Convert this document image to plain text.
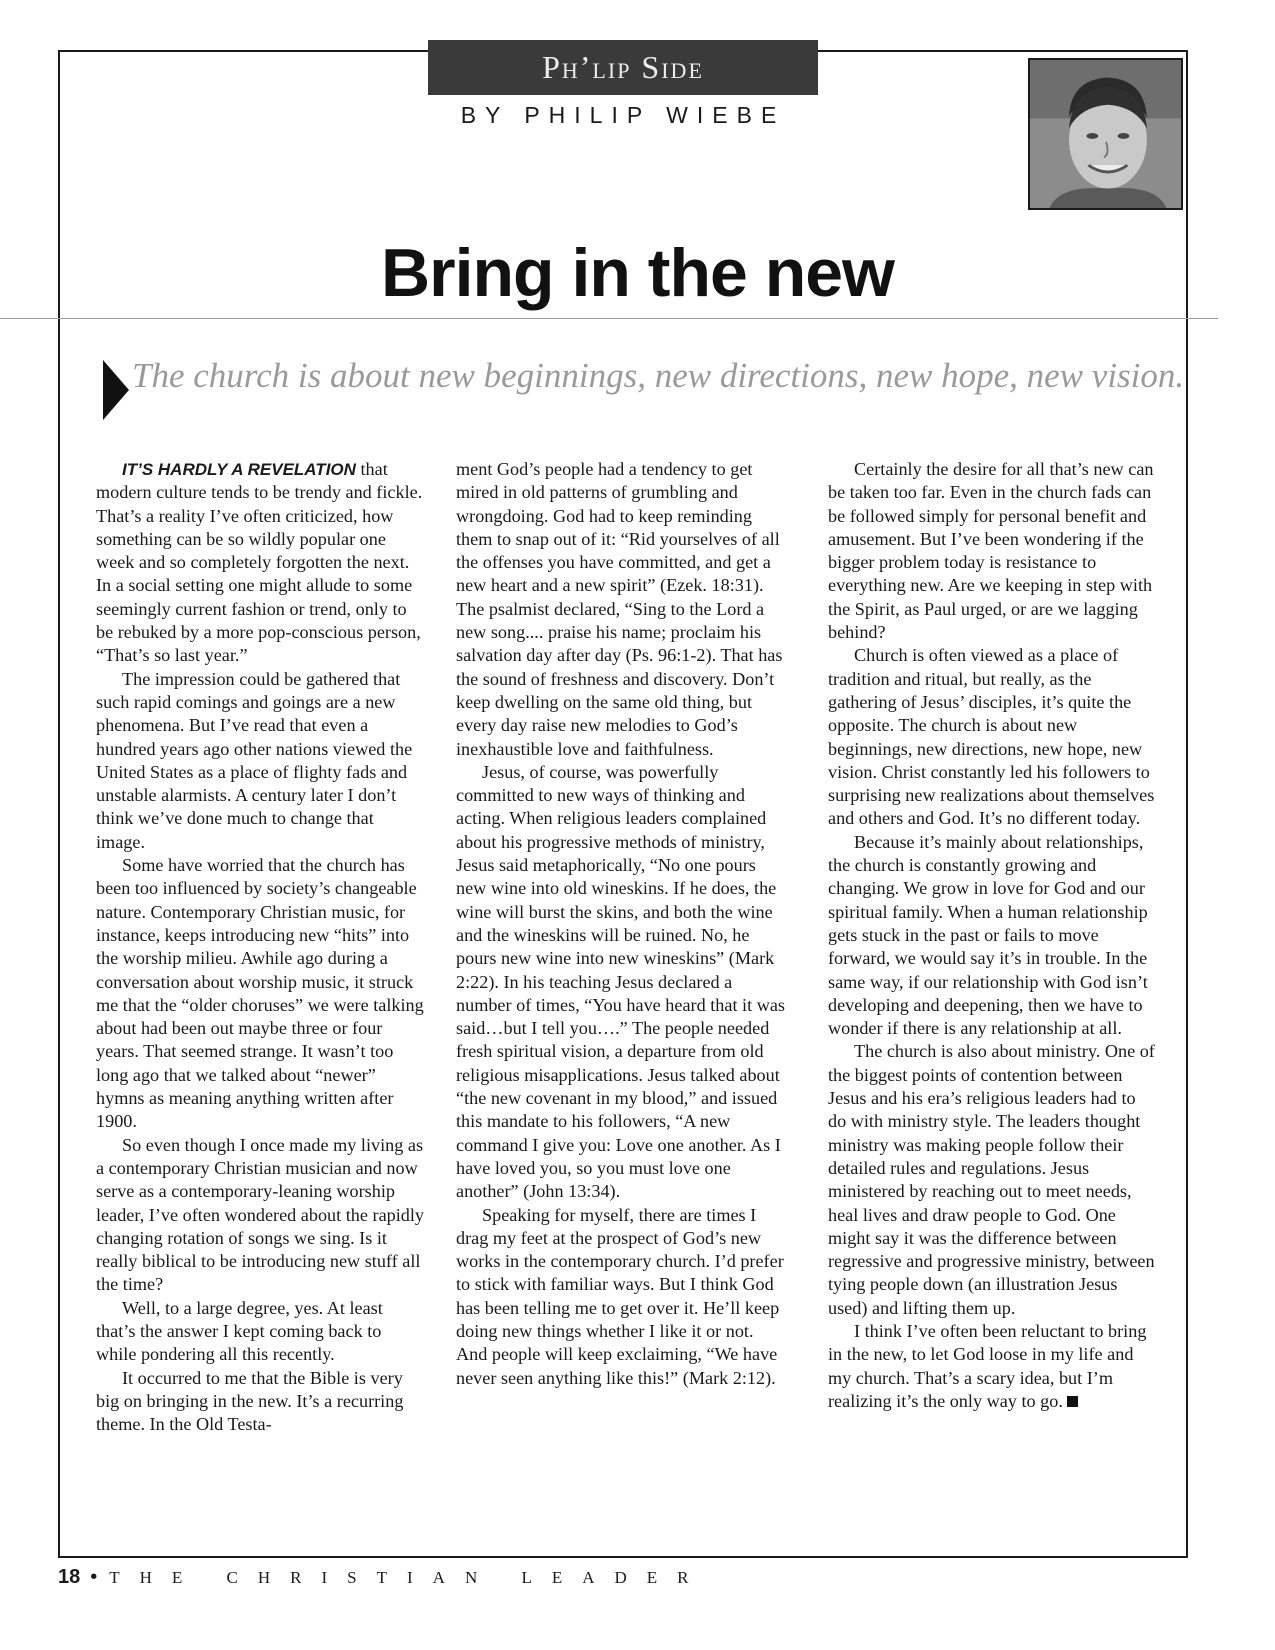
Ph’lip Side
BY PHILIP WIEBE
Bring in the new
The church is about new beginnings, new directions, new hope, new vision.

IT’S HARDLY A REVELATION that modern culture tends to be trendy and fickle. That’s a reality I’ve often criticized, how something can be so wildly popular one week and so completely forgotten the next. In a social setting one might allude to some seemingly current fashion or trend, only to be rebuked by a more pop-conscious person, “That’s so last year.”

The impression could be gathered that such rapid comings and goings are a new phenomena. But I’ve read that even a hundred years ago other nations viewed the United States as a place of flighty fads and unstable alarmists. A century later I don’t think we’ve done much to change that image.

Some have worried that the church has been too influenced by society’s changeable nature. Contemporary Christian music, for instance, keeps introducing new “hits” into the worship milieu. Awhile ago during a conversation about worship music, it struck me that the “older choruses” we were talking about had been out maybe three or four years. That seemed strange. It wasn’t too long ago that we talked about “newer” hymns as meaning anything written after 1900.

So even though I once made my living as a contemporary Christian musician and now serve as a contemporary-leaning worship leader, I’ve often wondered about the rapidly changing rotation of songs we sing. Is it really biblical to be introducing new stuff all the time?

Well, to a large degree, yes. At least that’s the answer I kept coming back to while pondering all this recently.

It occurred to me that the Bible is very big on bringing in the new. It’s a recurring theme. In the Old Testa-

ment God’s people had a tendency to get mired in old patterns of grumbling and wrongdoing. God had to keep reminding them to snap out of it: “Rid yourselves of all the offenses you have committed, and get a new heart and a new spirit” (Ezek. 18:31). The psalmist declared, “Sing to the Lord a new song.... praise his name; proclaim his salvation day after day (Ps. 96:1-2). That has the sound of freshness and discovery. Don’t keep dwelling on the same old thing, but every day raise new melodies to God’s inexhaustible love and faithfulness.

Jesus, of course, was powerfully committed to new ways of thinking and acting. When religious leaders complained about his progressive methods of ministry, Jesus said metaphorically, “No one pours new wine into old wineskins. If he does, the wine will burst the skins, and both the wine and the wineskins will be ruined. No, he pours new wine into new wineskins” (Mark 2:22). In his teaching Jesus declared a number of times, “You have heard that it was said…but I tell you….” The people needed fresh spiritual vision, a departure from old religious misapplications. Jesus talked about “the new covenant in my blood,” and issued this mandate to his followers, “A new command I give you: Love one another. As I have loved you, so you must love one another” (John 13:34).

Speaking for myself, there are times I drag my feet at the prospect of God’s new works in the contemporary church. I’d prefer to stick with familiar ways. But I think God has been telling me to get over it. He’ll keep doing new things whether I like it or not. And people will keep exclaiming, “We have never seen anything like this!” (Mark 2:12).

Certainly the desire for all that’s new can be taken too far. Even in the church fads can be followed simply for personal benefit and amusement. But I’ve been wondering if the bigger problem today is resistance to everything new. Are we keeping in step with the Spirit, as Paul urged, or are we lagging behind?

Church is often viewed as a place of tradition and ritual, but really, as the gathering of Jesus’ disciples, it’s quite the opposite. The church is about new beginnings, new directions, new hope, new vision. Christ constantly led his followers to surprising new realizations about themselves and others and God. It’s no different today.

Because it’s mainly about relationships, the church is constantly growing and changing. We grow in love for God and our spiritual family. When a human relationship gets stuck in the past or fails to move forward, we would say it’s in trouble. In the same way, if our relationship with God isn’t developing and deepening, then we have to wonder if there is any relationship at all.

The church is also about ministry. One of the biggest points of contention between Jesus and his era’s religious leaders had to do with ministry style. The leaders thought ministry was making people follow their detailed rules and regulations. Jesus ministered by reaching out to meet needs, heal lives and draw people to God. One might say it was the difference between regressive and progressive ministry, between tying people down (an illustration Jesus used) and lifting them up.

I think I’ve often been reluctant to bring in the new, to let God loose in my life and my church. That’s a scary idea, but I’m realizing it’s the only way to go.

18 • THE CHRISTIAN LEADER
